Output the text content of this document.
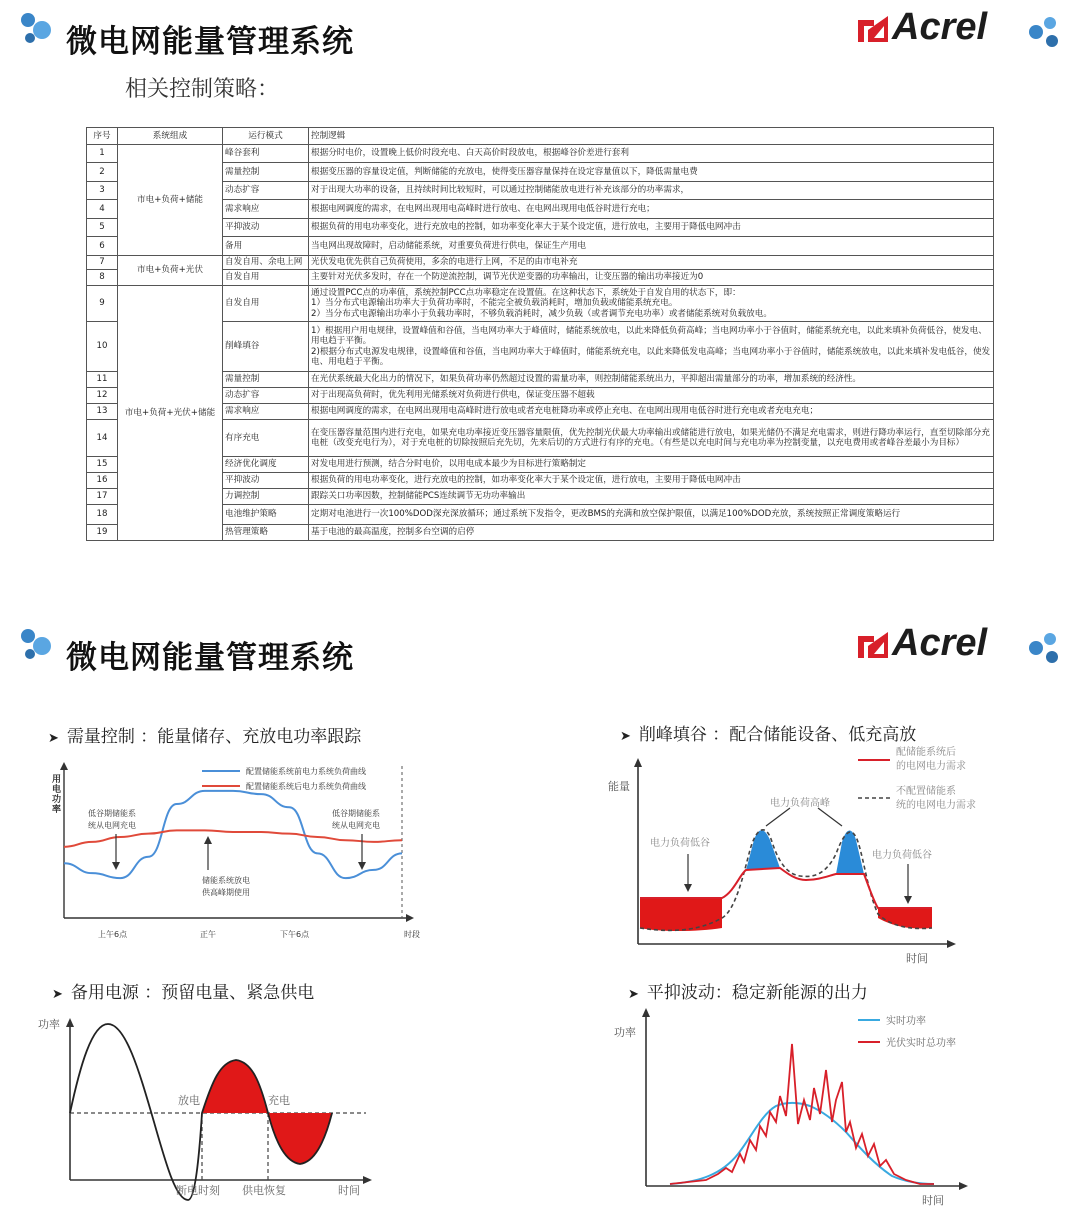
微电网能量管理系统	Acrel
相关控制策略：
序号	系统组成	运行模式	控制逻辑
1	市电+负荷+储能	峰谷套利	根据分时电价，设置晚上低价时段充电、白天高价时段放电，根据峰谷价差进行套利
2		需量控制	根据变压器的容量设定值，判断储能的充放电，使得变压器容量保持在设定容量值以下，降低需量电费
3		动态扩容	对于出现大功率的设备，且持续时间比较短时，可以通过控制储能放电进行补充该部分的功率需求，
4		需求响应	根据电网调度的需求，在电网出现用电高峰时进行放电、在电网出现用电低谷时进行充电；
5		平抑波动	根据负荷的用电功率变化，进行充放电的控制，如功率变化率大于某个设定值，进行放电，主要用于降低电网冲击
6		备用	当电网出现故障时，启动储能系统，对重要负荷进行供电，保证生产用电
7	市电+负荷+光伏	自发自用、余电上网	光伏发电优先供自己负荷使用，多余的电进行上网，不足的由市电补充
8		自发自用	主要针对光伏多发时，存在一个防逆流控制，调节光伏逆变器的功率输出，让变压器的输出功率接近为0
9	市电+负荷+光伏+储能	自发自用	通过设置PCC点的功率值，系统控制PCC点功率稳定在设置值。在这种状态下，系统处于自发自用的状态下，即：
1）当分布式电源输出功率大于负荷功率时，不能完全被负载消耗时，增加负载或储能系统充电。
2）当分布式电源输出功率小于负载功率时，不够负载消耗时，减少负载（或者调节充电功率）或者储能系统对负载放电。
10		削峰填谷	1）根据用户用电规律，设置峰值和谷值，当电网功率大于峰值时，储能系统放电，以此来降低负荷高峰；当电网功率小于谷值时，储能系统充电，以此来填补负荷低谷，使发电、用电趋于平衡。
2)根据分布式电源发电规律，设置峰值和谷值，当电网功率大于峰值时，储能系统充电，以此来降低发电高峰；当电网功率小于谷值时，储能系统放电，以此来填补发电低谷，使发电、用电趋于平衡。
11		需量控制	在光伏系统最大化出力的情况下，如果负荷功率仍然超过设置的需量功率，则控制储能系统出力，平抑超出需量部分的功率，增加系统的经济性。
12		动态扩容	对于出现高负荷时，优先利用光储系统对负荷进行供电，保证变压器不超载
13		需求响应	根据电网调度的需求，在电网出现用电高峰时进行放电或者充电桩降功率或停止充电、在电网出现用电低谷时进行充电或者充电充电；
14		有序充电	在变压器容量范围内进行充电，如果充电功率接近变压器容量限值，优先控制光伏最大功率输出或储能进行放电，如果光储仍不满足充电需求，则进行降功率运行，直至切除部分充电桩（改变充电行为），对于充电桩的切除按照后充先切，先来后切的方式进行有序的充电。（有些是以充电时间与充电功率为控制变量，以充电费用或者峰谷差最小为目标）
15		经济优化调度	对发电用进行预测，结合分时电价，以用电成本最少为目标进行策略制定
16		平抑波动	根据负荷的用电功率变化，进行充放电的控制，如功率变化率大于某个设定值，进行放电，主要用于降低电网冲击
17		力调控制	跟踪关口功率因数，控制储能PCS连续调节无功功率输出
18		电池维护策略	定期对电池进行一次100%DOD深充深放循环；通过系统下发指令，更改BMS的充满和放空保护限值，以满足100%DOD充放，系统按照正常调度策略运行
19		热管理策略	基于电池的最高温度，控制多台空调的启停
微电网能量管理系统	Acrel
➤ 需量控制 ：能量储存、充放电功率跟踪	➤ 削峰填谷 ：配合储能设备、低充高放
➤ 备用电源 ：预留电量、紧急供电	➤ 平抑波动：稳定新能源的出力
用电功率
配置储能系统前电力系统负荷曲线
配置储能系统后电力系统负荷曲线
低谷期储能系
统从电网充电
储能系统放电
供高峰期使用
低谷期储能系
统从电网充电
上午6点	正午	下午6点	时段
能量
时间
配储能系统后
的电网电力需求
不配置储能系
统的电网电力需求
电力负荷低谷
电力负荷高峰
电力负荷低谷
功率
放电	充电
断电时刻 供电恢复	时间
功率
时间
实时功率
光伏实时总功率
